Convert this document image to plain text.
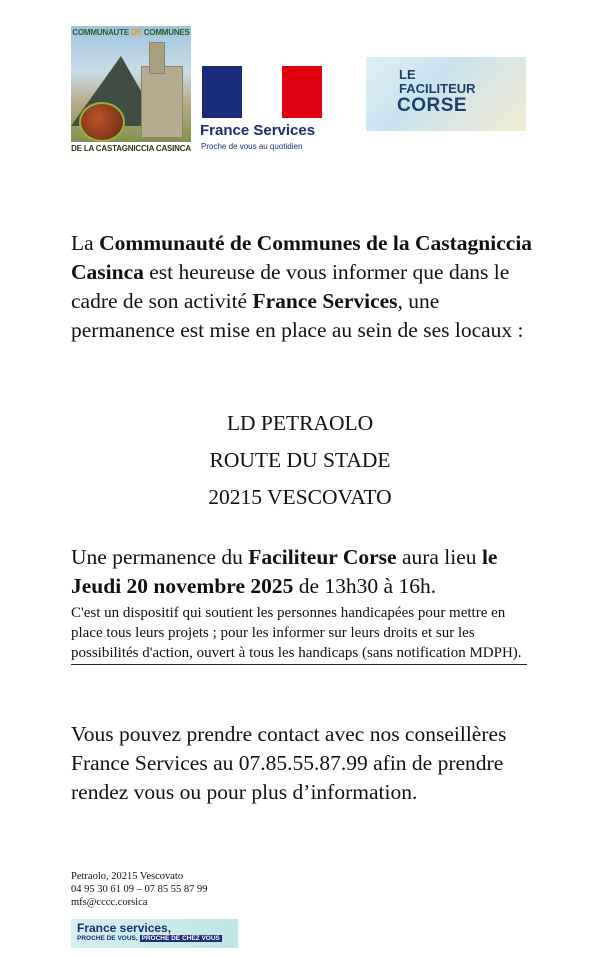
COMMUNAUTE DE COMMUNES
DE LA CASTAGNICCIA CASINCA
France Services
Proche de vous au quotidien
LE
FACILITEUR
CORSE
La Communauté de Communes de la Castagniccia Casinca est heureuse de vous informer que dans le cadre de son activité France Services, une permanence est mise en place au sein de ses locaux :
LD PETRAOLO
ROUTE DU STADE
20215 VESCOVATO
Une permanence du Faciliteur Corse aura lieu le Jeudi 20 novembre 2025 de 13h30 à 16h.
C'est un dispositif qui soutient les personnes handicapées pour mettre en place tous leurs projets ; pour les informer sur leurs droits et sur les possibilités d'action, ouvert à tous les handicaps (sans notification MDPH).
Vous pouvez prendre contact avec nos conseillères France Services au 07.85.55.87.99 afin de prendre rendez vous ou pour plus d’information.
Petraolo, 20215 Vescovato
04 95 30 61 09 – 07 85 55 87 99
mfs@cccc.corsica
France services,
PROCHE DE VOUS, PROCHE DE CHEZ VOUS
